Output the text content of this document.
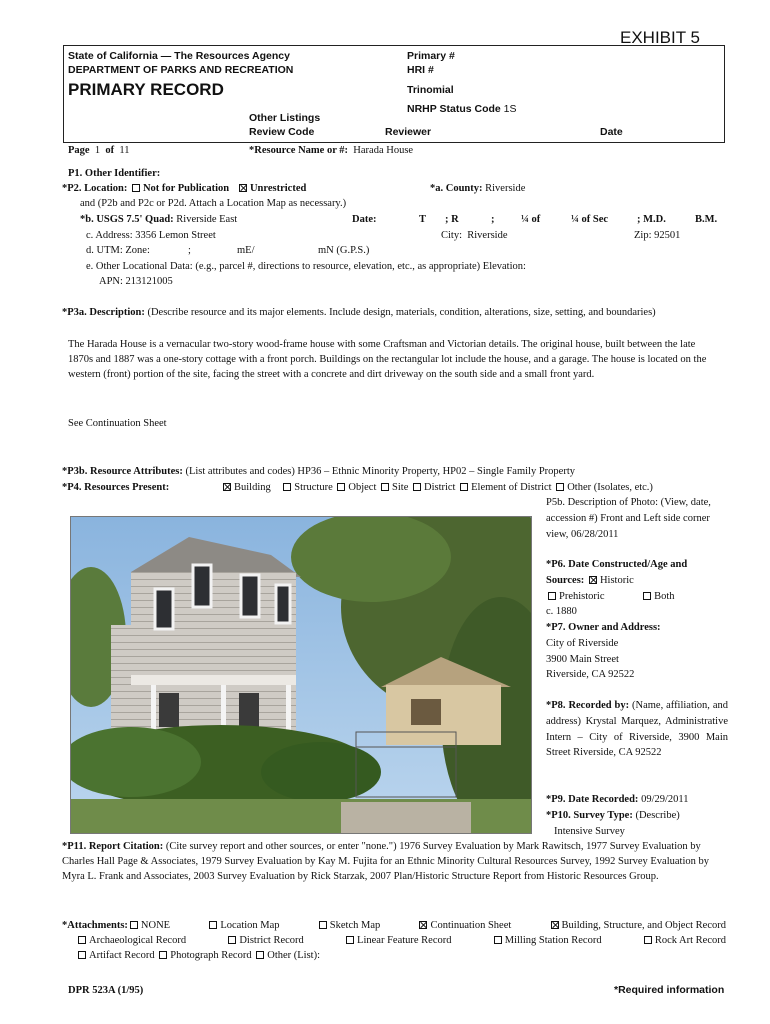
EXHIBIT 5
State of California — The Resources Agency
DEPARTMENT OF PARKS AND RECREATION
PRIMARY RECORD
Primary #
HRI #
Trinomial
NRHP Status Code 1S
Other Listings
Review Code	Reviewer	Date
Page 1 of 11	*Resource Name or #: Harada House
P1. Other Identifier:
*P2. Location: Not for Publication Unrestricted	*a. County: Riverside
and (P2b and P2c or P2d. Attach a Location Map as necessary.)
*b. USGS 7.5' Quad: Riverside East	Date:	T ; R	;	¼ of	¼ of Sec	; M.D.	B.M.
c. Address: 3356 Lemon Street	City: Riverside	Zip: 92501
d. UTM: Zone:	;	mE/	mN (G.P.S.)
e. Other Locational Data: (e.g., parcel #, directions to resource, elevation, etc., as appropriate) Elevation:
APN: 213121005
*P3a. Description: (Describe resource and its major elements. Include design, materials, condition, alterations, size, setting, and boundaries)
The Harada House is a vernacular two-story wood-frame house with some Craftsman and Victorian details. The original house, built between the late 1870s and 1887 was a one-story cottage with a front porch. Buildings on the rectangular lot include the house, and a garage. The house is located on the western (front) portion of the site, facing the street with a concrete and dirt driveway on the south side and a small front yard.
See Continuation Sheet
*P3b. Resource Attributes: (List attributes and codes) HP36 – Ethnic Minority Property, HP02 – Single Family Property
*P4. Resources Present:	Building Structure Object Site District Element of District Other (Isolates, etc.)
P5b. Description of Photo: (View, date, accession #) Front and Left side corner view, 06/28/2011
*P6. Date Constructed/Age and Sources: Historic
Prehistoric	Both
c. 1880
*P7. Owner and Address:
City of Riverside
3900 Main Street
Riverside, CA 92522
*P8. Recorded by: (Name, affiliation, and address) Krystal Marquez, Administrative Intern – City of Riverside, 3900 Main Street Riverside, CA 92522
*P9. Date Recorded: 09/29/2011
*P10. Survey Type: (Describe)
Intensive Survey
*P11. Report Citation: (Cite survey report and other sources, or enter "none.") 1976 Survey Evaluation by Mark Rawitsch, 1977 Survey Evaluation by Charles Hall Page & Associates, 1979 Survey Evaluation by Kay M. Fujita for an Ethnic Minority Cultural Resources Survey, 1992 Survey Evaluation by Myra L. Frank and Associates, 2003 Survey Evaluation by Rick Starzak, 2007 Plan/Historic Structure Report from Historic Resources Group.
*Attachments: NONE	Location Map	Sketch Map	Continuation Sheet	Building, Structure, and Object Record
Archaeological Record	District Record	Linear Feature Record	Milling Station Record	Rock Art Record
Artifact Record Photograph Record Other (List):
DPR 523A (1/95)	*Required information
